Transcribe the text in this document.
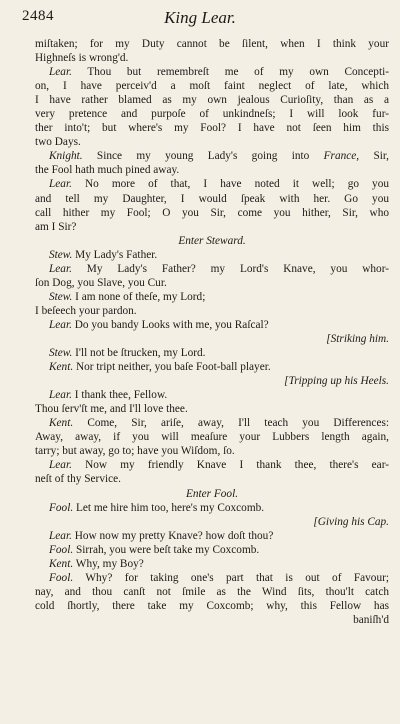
2484	King Lear.
miſtaken; for my Duty cannot be ſilent, when I think your
Highneſs is wrong'd.
Lear. Thou but remembreſt me of my own Concepti-
on, I have perceiv'd a moſt faint neglect of late, which
I have rather blamed as my own jealous Curioſity, than as a
very pretence and purpoſe of unkindneſs; I will look fur-
ther into't; but where's my Fool? I have not ſeen him this
two Days.
Knight. Since my young Lady's going into France, Sir,
the Fool hath much pined away.
Lear. No more of that, I have noted it well; go you
and tell my Daughter, I would ſpeak with her. Go you
call hither my Fool; O you Sir, come you hither, Sir, who
am I Sir?
Enter Steward.
Stew. My Lady's Father.
Lear. My Lady's Father? my Lord's Knave, you whor-
ſon Dog, you Slave, you Cur.
Stew. I am none of theſe, my Lord;
I beſeech your pardon.
Lear. Do you bandy Looks with me, you Raſcal?
[Striking him.
Stew. I'll not be ſtrucken, my Lord.
Kent. Nor tript neither, you baſe Foot-ball player.
[Tripping up his Heels.
Lear. I thank thee, Fellow.
Thou ſerv'ſt me, and I'll love thee.
Kent. Come, Sir, ariſe, away, I'll teach you Differences:
Away, away, if you will meaſure your Lubbers length again,
tarry; but away, go to; have you Wiſdom, ſo.
Lear. Now my friendly Knave I thank thee, there's ear-
neſt of thy Service.
Enter Fool.
Fool. Let me hire him too, here's my Coxcomb.
[Giving his Cap.
Lear. How now my pretty Knave? how doſt thou?
Fool. Sirrah, you were beſt take my Coxcomb.
Kent. Why, my Boy?
Fool. Why? for taking one's part that is out of Favour;
nay, and thou canſt not ſmile as the Wind ſits, thou'lt catch
cold ſhortly, there take my Coxcomb; why, this Fellow has
baniſh'd
